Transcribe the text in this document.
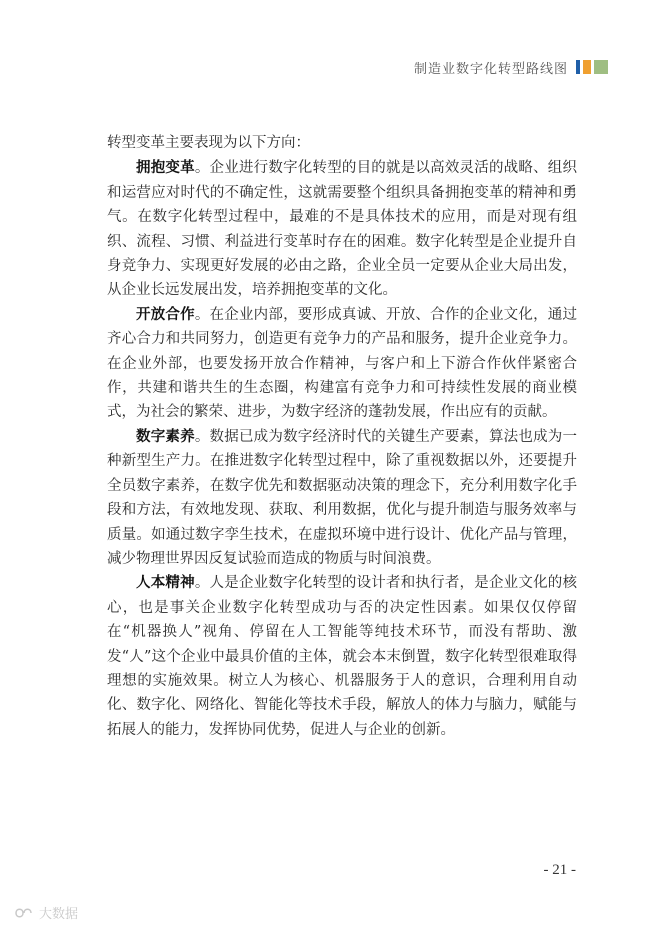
制造业数字化转型路线图

转型变革主要表现为以下方向：

拥抱变革。企业进行数字化转型的目的就是以高效灵活的战略、组织和运营应对时代的不确定性，这就需要整个组织具备拥抱变革的精神和勇气。在数字化转型过程中，最难的不是具体技术的应用，而是对现有组织、流程、习惯、利益进行变革时存在的困难。数字化转型是企业提升自身竞争力、实现更好发展的必由之路，企业全员一定要从企业大局出发，从企业长远发展出发，培养拥抱变革的文化。

开放合作。在企业内部，要形成真诚、开放、合作的企业文化，通过齐心合力和共同努力，创造更有竞争力的产品和服务，提升企业竞争力。在企业外部，也要发扬开放合作精神，与客户和上下游合作伙伴紧密合作，共建和谐共生的生态圈，构建富有竞争力和可持续性发展的商业模式，为社会的繁荣、进步，为数字经济的蓬勃发展，作出应有的贡献。

数字素养。数据已成为数字经济时代的关键生产要素，算法也成为一种新型生产力。在推进数字化转型过程中，除了重视数据以外，还要提升全员数字素养，在数字优先和数据驱动决策的理念下，充分利用数字化手段和方法，有效地发现、获取、利用数据，优化与提升制造与服务效率与质量。如通过数字孪生技术，在虚拟环境中进行设计、优化产品与管理，减少物理世界因反复试验而造成的物质与时间浪费。

人本精神。人是企业数字化转型的设计者和执行者，是企业文化的核心，也是事关企业数字化转型成功与否的决定性因素。如果仅仅停留在“机器换人”视角、停留在人工智能等纯技术环节，而没有帮助、激发“人”这个企业中最具价值的主体，就会本末倒置，数字化转型很难取得理想的实施效果。树立人为核心、机器服务于人的意识，合理利用自动化、数字化、网络化、智能化等技术手段，解放人的体力与脑力，赋能与拓展人的能力，发挥协同优势，促进人与企业的创新。

- 21 -
大数据
